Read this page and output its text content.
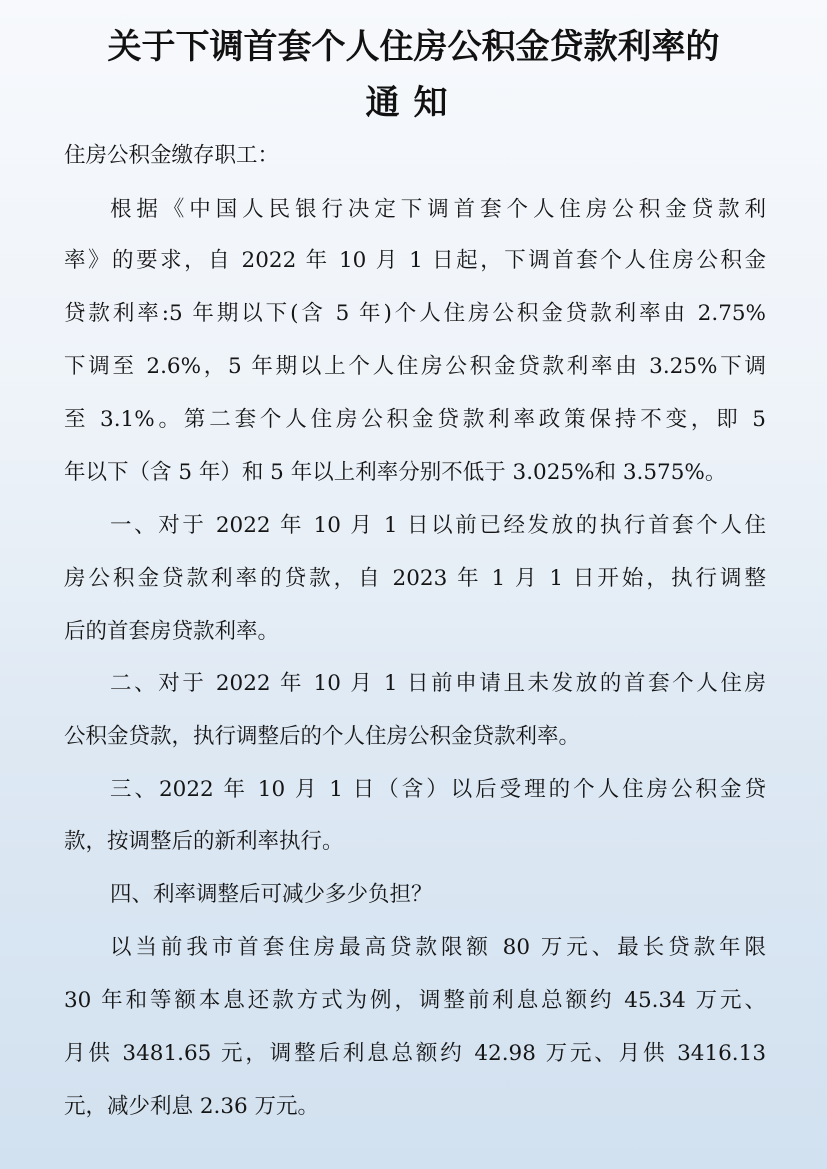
关于下调首套个人住房公积金贷款利率的
通知
住房公积金缴存职工：
根据《中国人民银行决定下调首套个人住房公积金贷款利
率》的要求，自 2022 年 10 月 1 日起，下调首套个人住房公积金
贷款利率:5 年期以下(含 5 年)个人住房公积金贷款利率由 2.75%
下调至 2.6%，5 年期以上个人住房公积金贷款利率由 3.25%下调
至 3.1%。第二套个人住房公积金贷款利率政策保持不变，即 5
年以下（含 5 年）和 5 年以上利率分别不低于 3.025%和 3.575%。
一、对于 2022 年 10 月 1 日以前已经发放的执行首套个人住
房公积金贷款利率的贷款，自 2023 年 1 月 1 日开始，执行调整
后的首套房贷款利率。
二、对于 2022 年 10 月 1 日前申请且未发放的首套个人住房
公积金贷款，执行调整后的个人住房公积金贷款利率。
三、2022 年 10 月 1 日（含）以后受理的个人住房公积金贷
款，按调整后的新利率执行。
四、利率调整后可减少多少负担？
以当前我市首套住房最高贷款限额 80 万元、最长贷款年限
30 年和等额本息还款方式为例，调整前利息总额约 45.34 万元、
月供 3481.65 元，调整后利息总额约 42.98 万元、月供 3416.13
元，减少利息 2.36 万元。
